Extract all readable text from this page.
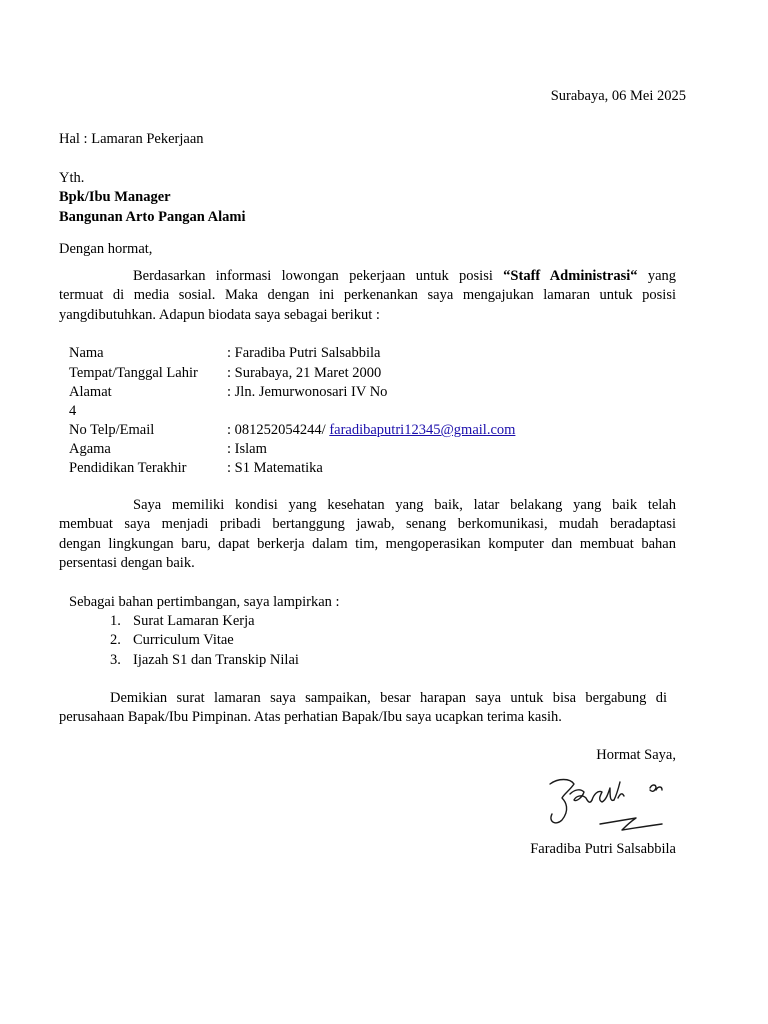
Surabaya, 06 Mei 2025
Hal : Lamaran Pekerjaan
Yth.
Bpk/Ibu Manager
Bangunan Arto Pangan Alami
Dengan hormat,
Berdasarkan informasi lowongan pekerjaan untuk posisi “Staff Administrasi“ yang
termuat di media sosial. Maka dengan ini perkenankan saya mengajukan lamaran untuk posisi
yangdibutuhkan. Adapun biodata saya sebagai berikut :
Nama	: Faradiba Putri Salsabbila
Tempat/Tanggal Lahir : Surabaya, 21 Maret 2000
Alamat	: Jln. Jemurwonosari IV No
4
No Telp/Email	: 081252054244/ faradibaputri12345@gmail.com
Agama	: Islam
Pendidikan Terakhir	: S1 Matematika
Saya memiliki kondisi yang kesehatan yang baik, latar belakang yang baik telah
membuat saya menjadi pribadi bertanggung jawab, senang berkomunikasi, mudah beradaptasi
dengan lingkungan baru, dapat berkerja dalam tim, mengoperasikan komputer dan membuat bahan
persentasi dengan baik.
Sebagai bahan pertimbangan, saya lampirkan :
1. Surat Lamaran Kerja
2. Curriculum Vitae
3. Ijazah S1 dan Transkip Nilai
Demikian surat lamaran saya sampaikan, besar harapan saya untuk bisa bergabung di
perusahaan Bapak/Ibu Pimpinan. Atas perhatian Bapak/Ibu saya ucapkan terima kasih.
Hormat Saya,
Faradiba Putri Salsabbila
